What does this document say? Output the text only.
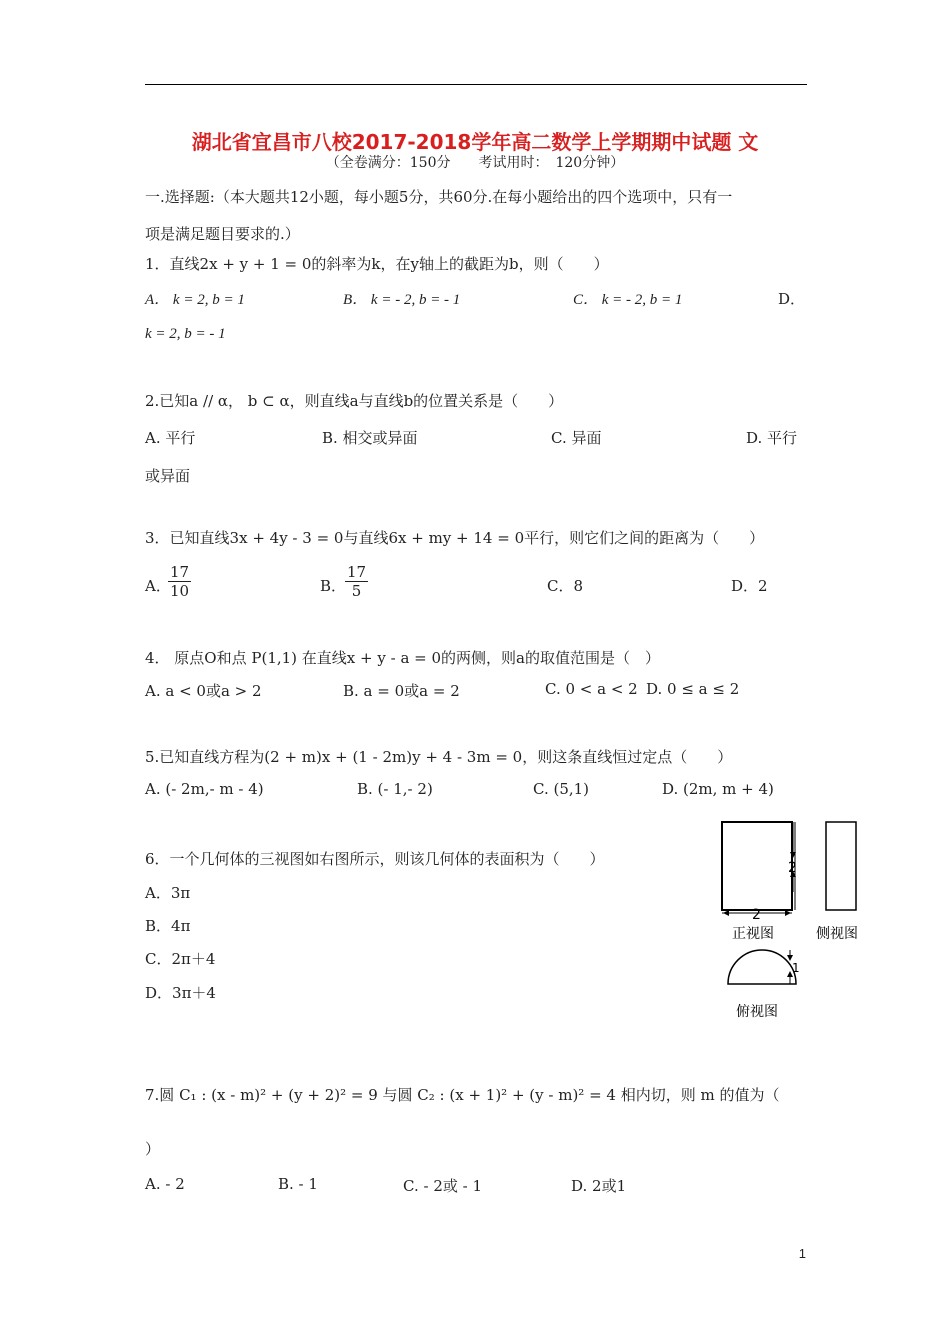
湖北省宜昌市八校2017-2018学年高二数学上学期期中试题 文
（全卷满分：150分　　考试用时：　120分钟）
一.选择题:（本大题共12小题，每小题5分，共60分.在每小题给出的四个选项中，只有一
项是满足题目要求的.）
1．直线2x + y + 1 = 0的斜率为k，在y轴上的截距为b，则（　　）
A． k = 2, b = 1	B． k = - 2, b = - 1	C． k = - 2, b = 1	D．
k = 2, b = - 1
2.已知a // α， b ⊂ α，则直线a与直线b的位置关系是（　　）
A. 平行	B. 相交或异面	C. 异面	D. 平行
或异面
3．已知直线3x + 4y - 3 = 0与直线6x + my + 14 = 0平行，则它们之间的距离为（　　）
A．
$\frac{17}{10}$	B．
$\frac{17}{5}$	C．8	D．2
4． 原点O和点 P(1,1) 在直线x + y - a = 0的两侧，则a的取值范围是（　）
A. a < 0或a > 2	B. a = 0或a = 2	C. 0 < a < 2 D. 0 ≤ a ≤ 2
5.已知直线方程为(2 + m)x + (1 - 2m)y + 4 - 3m = 0，则这条直线恒过定点（　　）
A. (- 2m,- m - 4)	B. (- 1,- 2)	C. (5,1)	D. (2m, m + 4)
6．一个几何体的三视图如右图所示，则该几何体的表面积为（　　）
A．3π
B．4π
C．2π＋4
D．3π＋4
2
2
正视图	侧视图
1
俯视图
7.圆 C₁ : (x - m)² + (y + 2)² = 9 与圆 C₂ : (x + 1)² + (y - m)² = 4 相内切，则 m 的值为（
）
A. - 2	B. - 1	C. - 2或 - 1	D. 2或1
1
